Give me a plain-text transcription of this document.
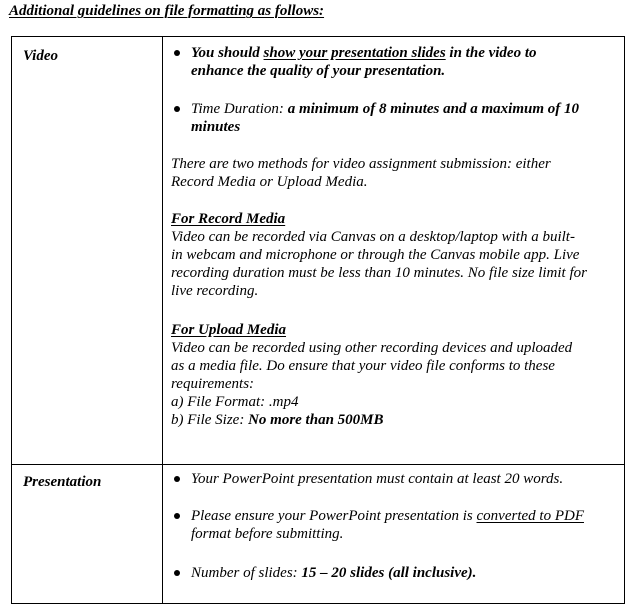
Additional guidelines on file formatting as follows:
Video
Presentation
You should show your presentation slides in the video to
enhance the quality of your presentation.
Time Duration: a minimum of 8 minutes and a maximum of 10
minutes
There are two methods for video assignment submission: either
Record Media or Upload Media.
For Record Media
Video can be recorded via Canvas on a desktop/laptop with a built-
in webcam and microphone or through the Canvas mobile app. Live
recording duration must be less than 10 minutes. No file size limit for
live recording.
For Upload Media
Video can be recorded using other recording devices and uploaded
as a media file. Do ensure that your video file conforms to these
requirements:
a) File Format: .mp4
b) File Size: No more than 500MB
Your PowerPoint presentation must contain at least 20 words.
Please ensure your PowerPoint presentation is converted to PDF
format before submitting.
Number of slides: 15 – 20 slides (all inclusive).
